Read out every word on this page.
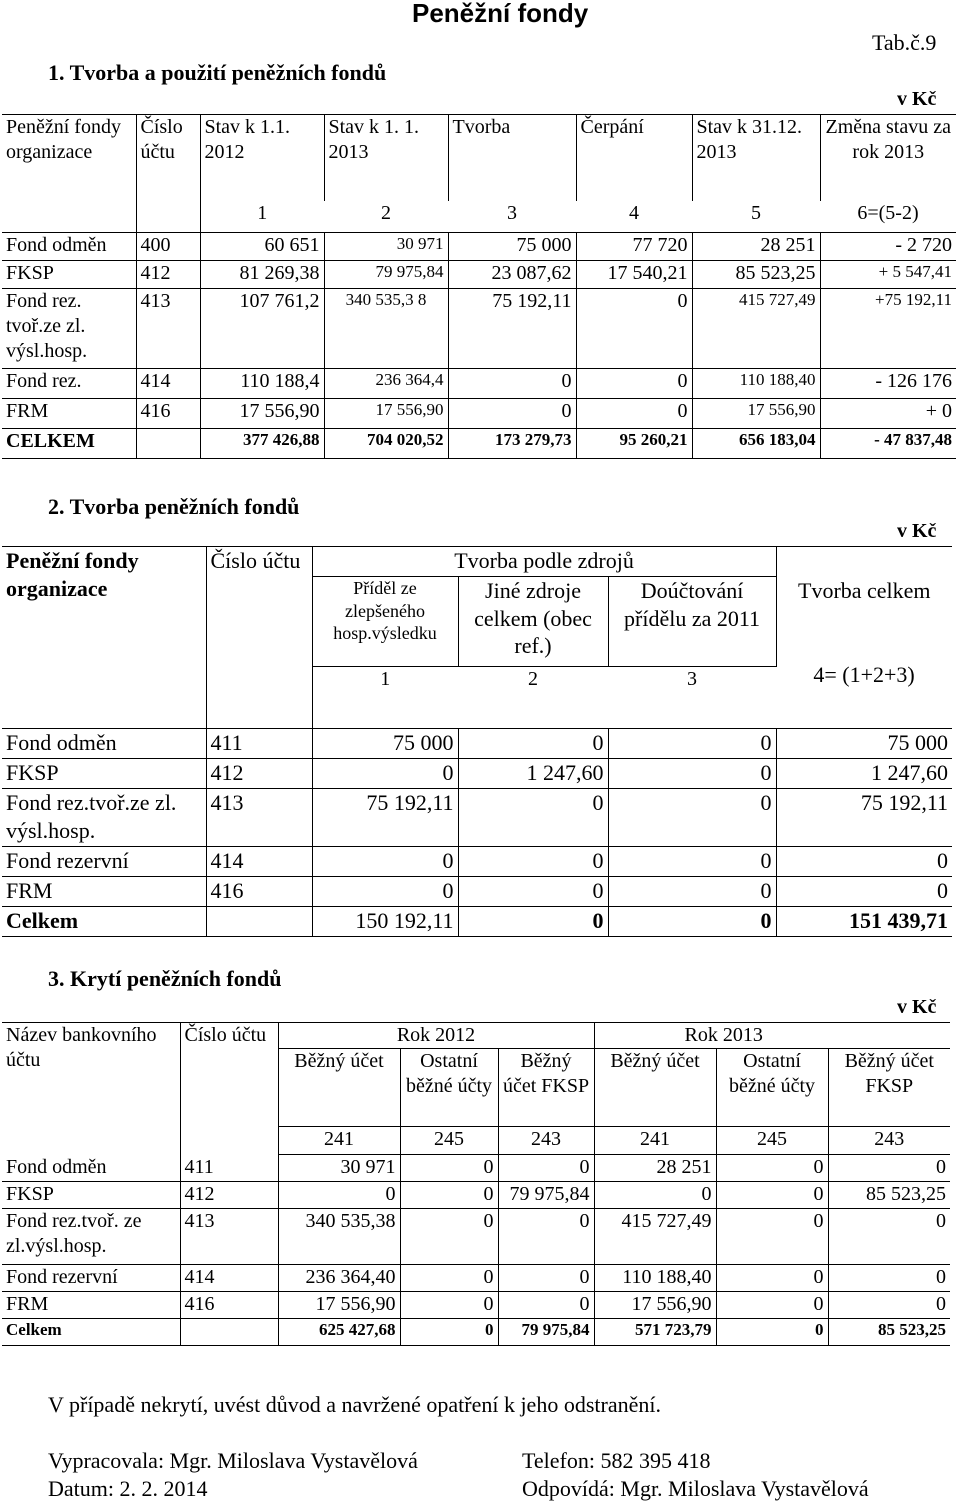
Peněžní fondy
Tab.č.9
1. Tvorba a použití peněžních fondů
v Kč
Peněžní fondy organizace	Číslo účtu	Stav k 1.1. 2012	Stav k 1. 1. 2013	Tvorba	Čerpání	Stav k 31.12. 2013	Změna stavu za rok 2013
		1	2	3	4	5	6=(5-2)
Fond odměn	400	60 651	30 971	75 000	77 720	28 251	- 2 720
FKSP	412	81 269,38	79 975,84	23 087,62	17 540,21	85 523,25	+ 5 547,41
Fond rez. tvoř.ze zl. výsl.hosp.	413	107 761,2	340 535,3 8	75 192,11	0	415 727,49	+75 192,11
Fond rez.	414	110 188,4	236 364,4	0	0	110 188,40	- 126 176
FRM	416	17 556,90	17 556,90	0	0	17 556,90	+ 0
CELKEM		377 426,88	704 020,52	173 279,73	95 260,21	656 183,04	- 47 837,48
2. Tvorba peněžních fondů
v Kč
Peněžní fondy organizace	Číslo účtu	Tvorba podle zdrojů			
		Příděl ze zlepšeného hosp.výsledku	Jiné zdroje celkem (obec ref.)	Doúčtování přídělu za 2011	Tvorba celkem
		1	2	3	
					4= (1+2+3)
Fond odměn	411	75 000	0	0	75 000
FKSP	412	0	1 247,60	0	1 247,60
Fond rez.tvoř.ze zl. výsl.hosp.	413	75 192,11	0	0	75 192,11
Fond rezervní	414	0	0	0	0
FRM	416	0	0	0	0
Celkem		150 192,11	0	0	151 439,71
3. Krytí peněžních fondů
v Kč
Název bankovního účtu	Číslo účtu	Rok 2012			Rok 2013		
		Běžný účet	Ostatní běžné účty	Běžný účet FKSP	Běžný účet	Ostatní běžné účty	Běžný účet FKSP
		241	245	243	241	245	243
Fond odměn	411	30 971	0	0	28 251	0	0
FKSP	412	0	0	79 975,84	0	0	85 523,25
Fond rez.tvoř. ze zl.výsl.hosp.	413	340 535,38	0	0	415 727,49	0	0
Fond rezervní	414	236 364,40	0	0	110 188,40	0	0
FRM	416	17 556,90	0	0	17 556,90	0	0
Celkem		625 427,68	0	79 975,84	571 723,79	0	85 523,25
V případě nekrytí, uvést důvod a navržené opatření k jeho odstranění.
Vypracovala: Mgr. Miloslava Vystavělová
Datum: 2. 2. 2014
Telefon: 582 395 418
Odpovídá: Mgr. Miloslava Vystavělová
